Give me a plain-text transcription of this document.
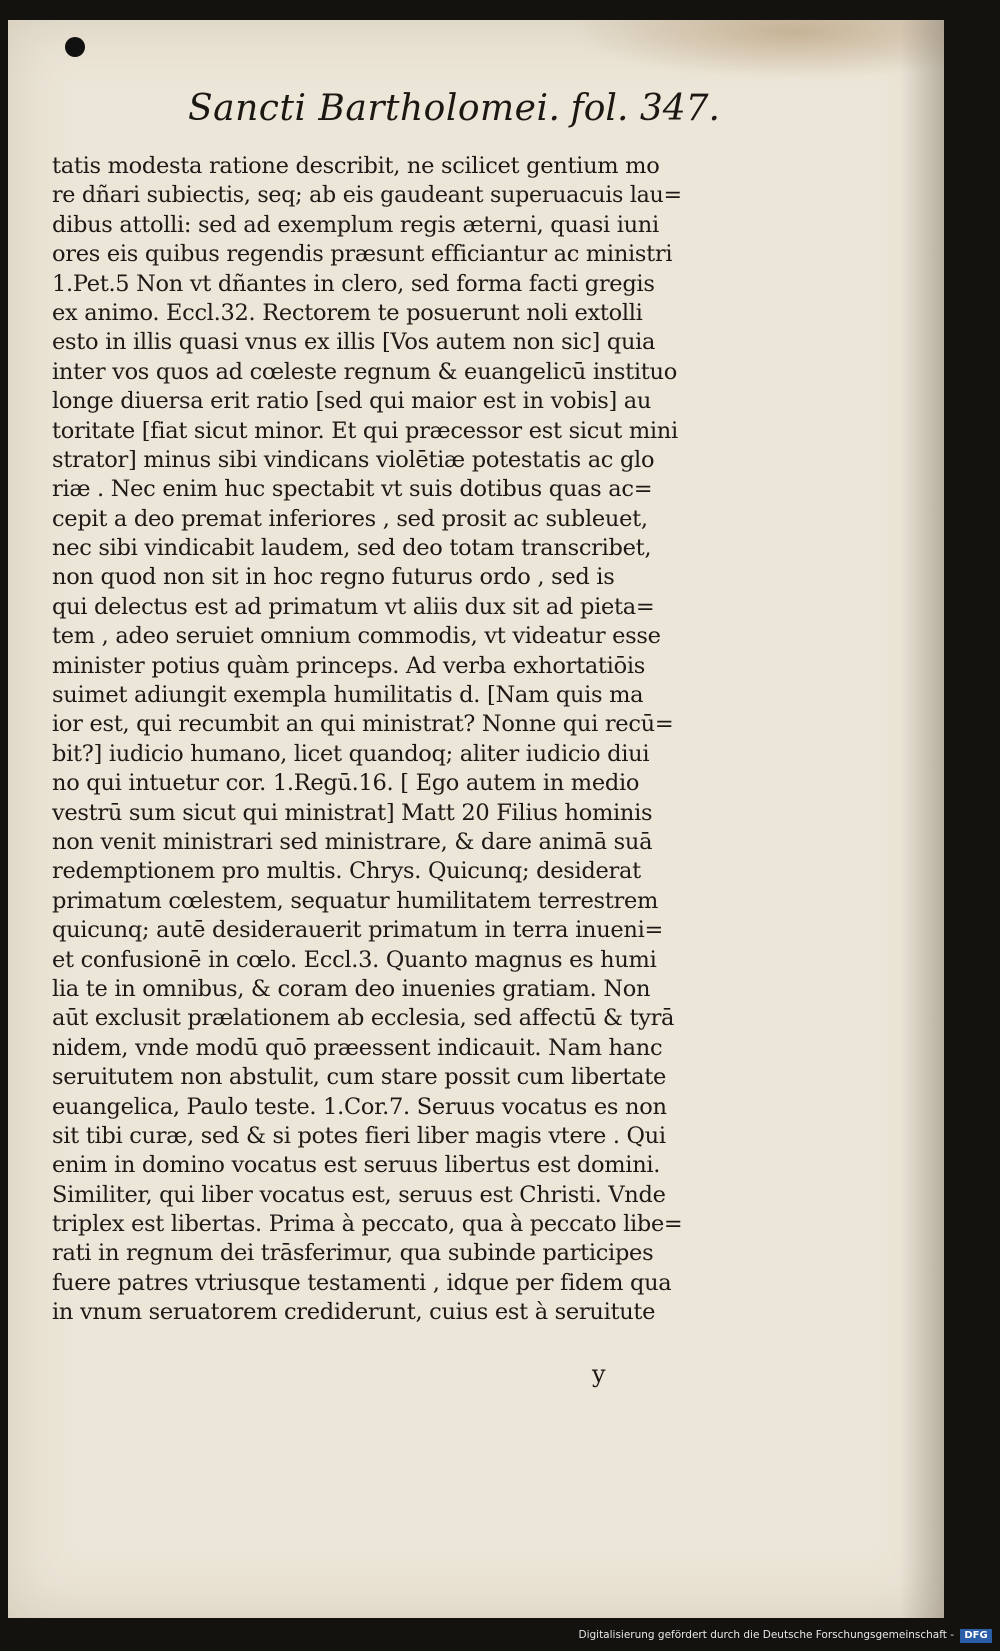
Sancti Bartholomei. fol. 347.
tatis modesta ratione describit, ne scilicet gentium mo
re dñari subiectis, seq; ab eis gaudeant superuacuis lau=
dibus attolli: sed ad exemplum regis æterni, quasi iuni
ores eis quibus regendis præsunt efficiantur ac ministri
1.Pet.5 Non vt dñantes in clero, sed forma facti gregis
ex animo. Eccl.32. Rectorem te posuerunt noli extolli
esto in illis quasi vnus ex illis [Vos autem non sic] quia
inter vos quos ad cœleste regnum & euangelicū instituo
longe diuersa erit ratio [sed qui maior est in vobis] au
toritate [fiat sicut minor. Et qui præcessor est sicut mini
strator] minus sibi vindicans violētiæ potestatis ac glo
riæ . Nec enim huc spectabit vt suis dotibus quas ac=
cepit a deo premat inferiores , sed prosit ac subleuet,
nec sibi vindicabit laudem, sed deo totam transcribet,
non quod non sit in hoc regno futurus ordo , sed is
qui delectus est ad primatum vt aliis dux sit ad pieta=
tem , adeo seruiet omnium commodis, vt videatur esse
minister potius quàm princeps. Ad verba exhortatiōis
suimet adiungit exempla humilitatis d. [Nam quis ma
ior est, qui recumbit an qui ministrat? Nonne qui recū=
bit?] iudicio humano, licet quandoq; aliter iudicio diui
no qui intuetur cor. 1.Regū.16. [ Ego autem in medio
vestrū sum sicut qui ministrat] Matt 20 Filius hominis
non venit ministrari sed ministrare, & dare animā suā
redemptionem pro multis. Chrys. Quicunq; desiderat
primatum cœlestem, sequatur humilitatem terrestrem
quicunq; autē desiderauerit primatum in terra inueni=
et confusionē in cœlo. Eccl.3. Quanto magnus es humi
lia te in omnibus, & coram deo inuenies gratiam. Non
aūt exclusit prælationem ab ecclesia, sed affectū & tyrā
nidem, vnde modū quō præessent indicauit. Nam hanc
seruitutem non abstulit, cum stare possit cum libertate
euangelica, Paulo teste. 1.Cor.7. Seruus vocatus es non
sit tibi curæ, sed & si potes fieri liber magis vtere . Qui
enim in domino vocatus est seruus libertus est domini.
Similiter, qui liber vocatus est, seruus est Christi. Vnde
triplex est libertas. Prima à peccato, qua à peccato libe=
rati in regnum dei trāsferimur, qua subinde participes
fuere patres vtriusque testamenti , idque per fidem qua
in vnum seruatorem crediderunt, cuius est à seruitute
y
Digitalisierung gefördert durch die Deutsche Forschungsgemeinschaft -	DFG
